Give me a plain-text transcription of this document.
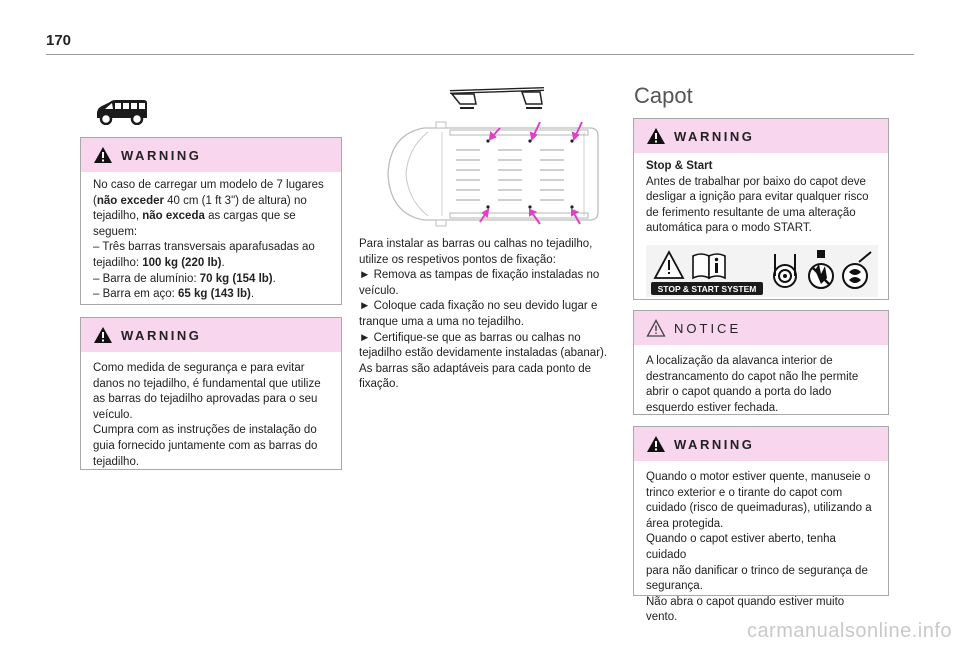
170
WARNING

No caso de carregar um modelo de 7 lugares

(não exceder 40 cm (1 ft 3") de altura) no

tejadilho, não exceda as cargas que se

seguem:

– Três barras transversais aparafusadas ao

tejadilho: 100 kg (220 lb).

– Barra de alumínio: 70 kg (154 lb).

– Barra em aço: 65 kg (143 lb).

WARNING

Como medida de segurança e para evitar

danos no tejadilho, é fundamental que utilize

as barras do tejadilho aprovadas para o seu

veículo.

Cumpra com as instruções de instalação do

guia fornecido juntamente com as barras do

tejadilho.

Para instalar as barras ou calhas no tejadilho,

utilize os respetivos pontos de fixação:

► Remova as tampas de fixação instaladas no

veículo.

► Coloque cada fixação no seu devido lugar e

tranque uma a uma no tejadilho.

► Certifique-se que as barras ou calhas no

tejadilho estão devidamente instaladas (abanar).

As barras são adaptáveis para cada ponto de

fixação.

Capot
WARNING

Stop & Start

Antes de trabalhar por baixo do capot deve

desligar a ignição para evitar qualquer risco

de ferimento resultante de uma alteração

automática para o modo START.

STOP & START SYSTEM
NOTICE

A localização da alavanca interior de

destrancamento do capot não lhe permite

abrir o capot quando a porta do lado

esquerdo estiver fechada.

WARNING

Quando o motor estiver quente, manuseie o

trinco exterior e o tirante do capot com

cuidado (risco de queimaduras), utilizando a

área protegida.

Quando o capot estiver aberto, tenha cuidado

para não danificar o trinco de segurança de

segurança.

Não abra o capot quando estiver muito vento.

carmanualsonline.info
